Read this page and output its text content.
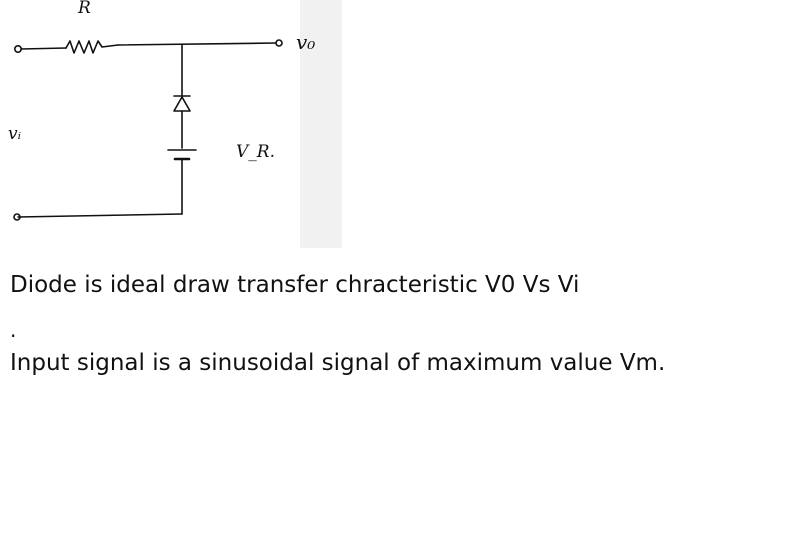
R
v₀
vᵢ
V_R.

Diode is ideal draw transfer chracteristic V0 Vs Vi

.

Input signal is a sinusoidal signal of maximum value Vm.
